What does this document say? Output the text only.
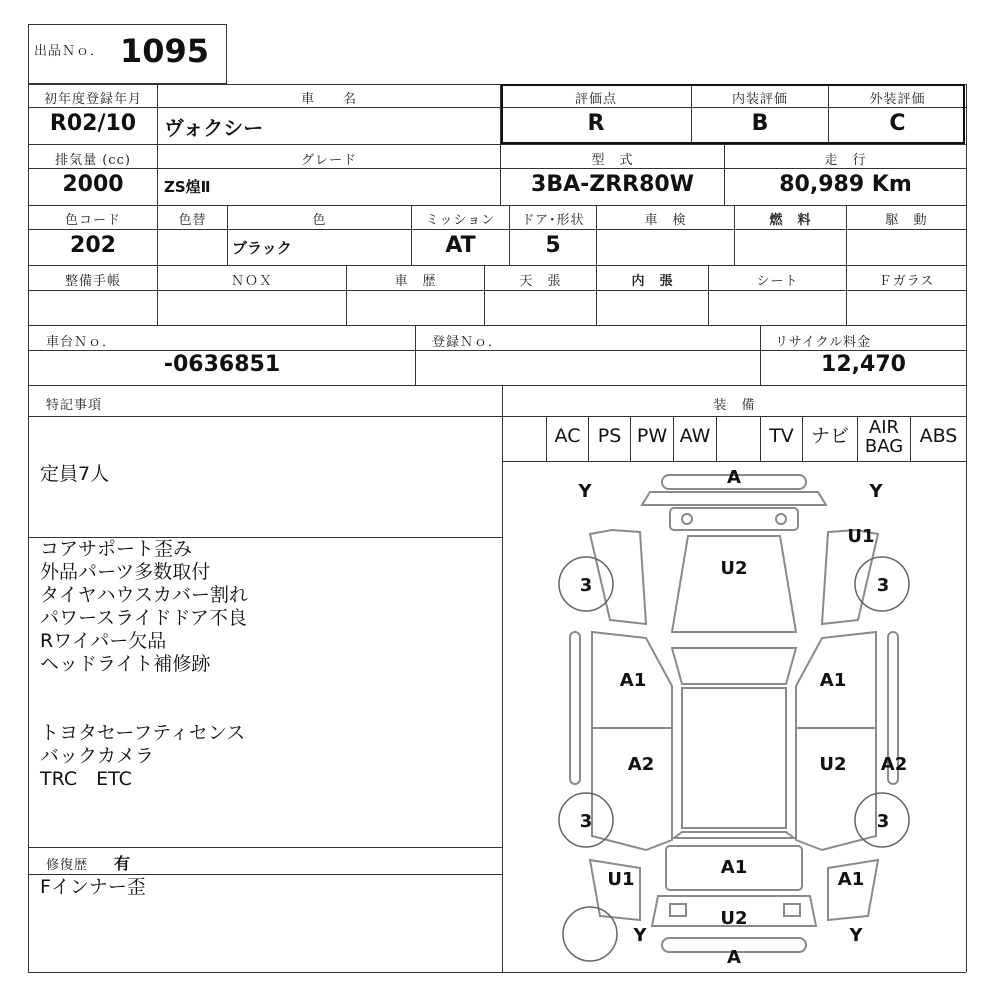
出品Ｎｏ． 1095
初年度登録年月
R02/10
車　　名
ヴォクシー
評価点
R
内装評価
B
外装評価
C
排気量 (cc)
2000
グレード
ZS煌Ⅱ
型　式
3BA-ZRR80W
走　行
80,989 Km
色コード
202
色替	色
ブラック
ミッション
AT
ドア･形状
5
車　検	燃　料	駆　動
整備手帳	ＮＯＸ	車　歴	天　張	内　張	シート	Ｆガラス
車台Ｎｏ．
-0636851
登録Ｎｏ．	リサイクル料金
12,470
特記事項
定員7人
コアサポート歪み
外品パーツ多数取付
タイヤハウスカバー割れ
パワースライドドア不良
Rワイパー欠品
ヘッドライト補修跡

トヨタセーフティセンス
バックカメラ
TRC　ETC
修復歴 有
Fインナー歪
装　備
AC PS PW AW	TV ナビ	AIR
BAG ABS
A
Y	Y
U1
U2
3	3
A1	A1
A2	U2 A2
3	3
A1
U1	A1
U2
Y	Y
A
